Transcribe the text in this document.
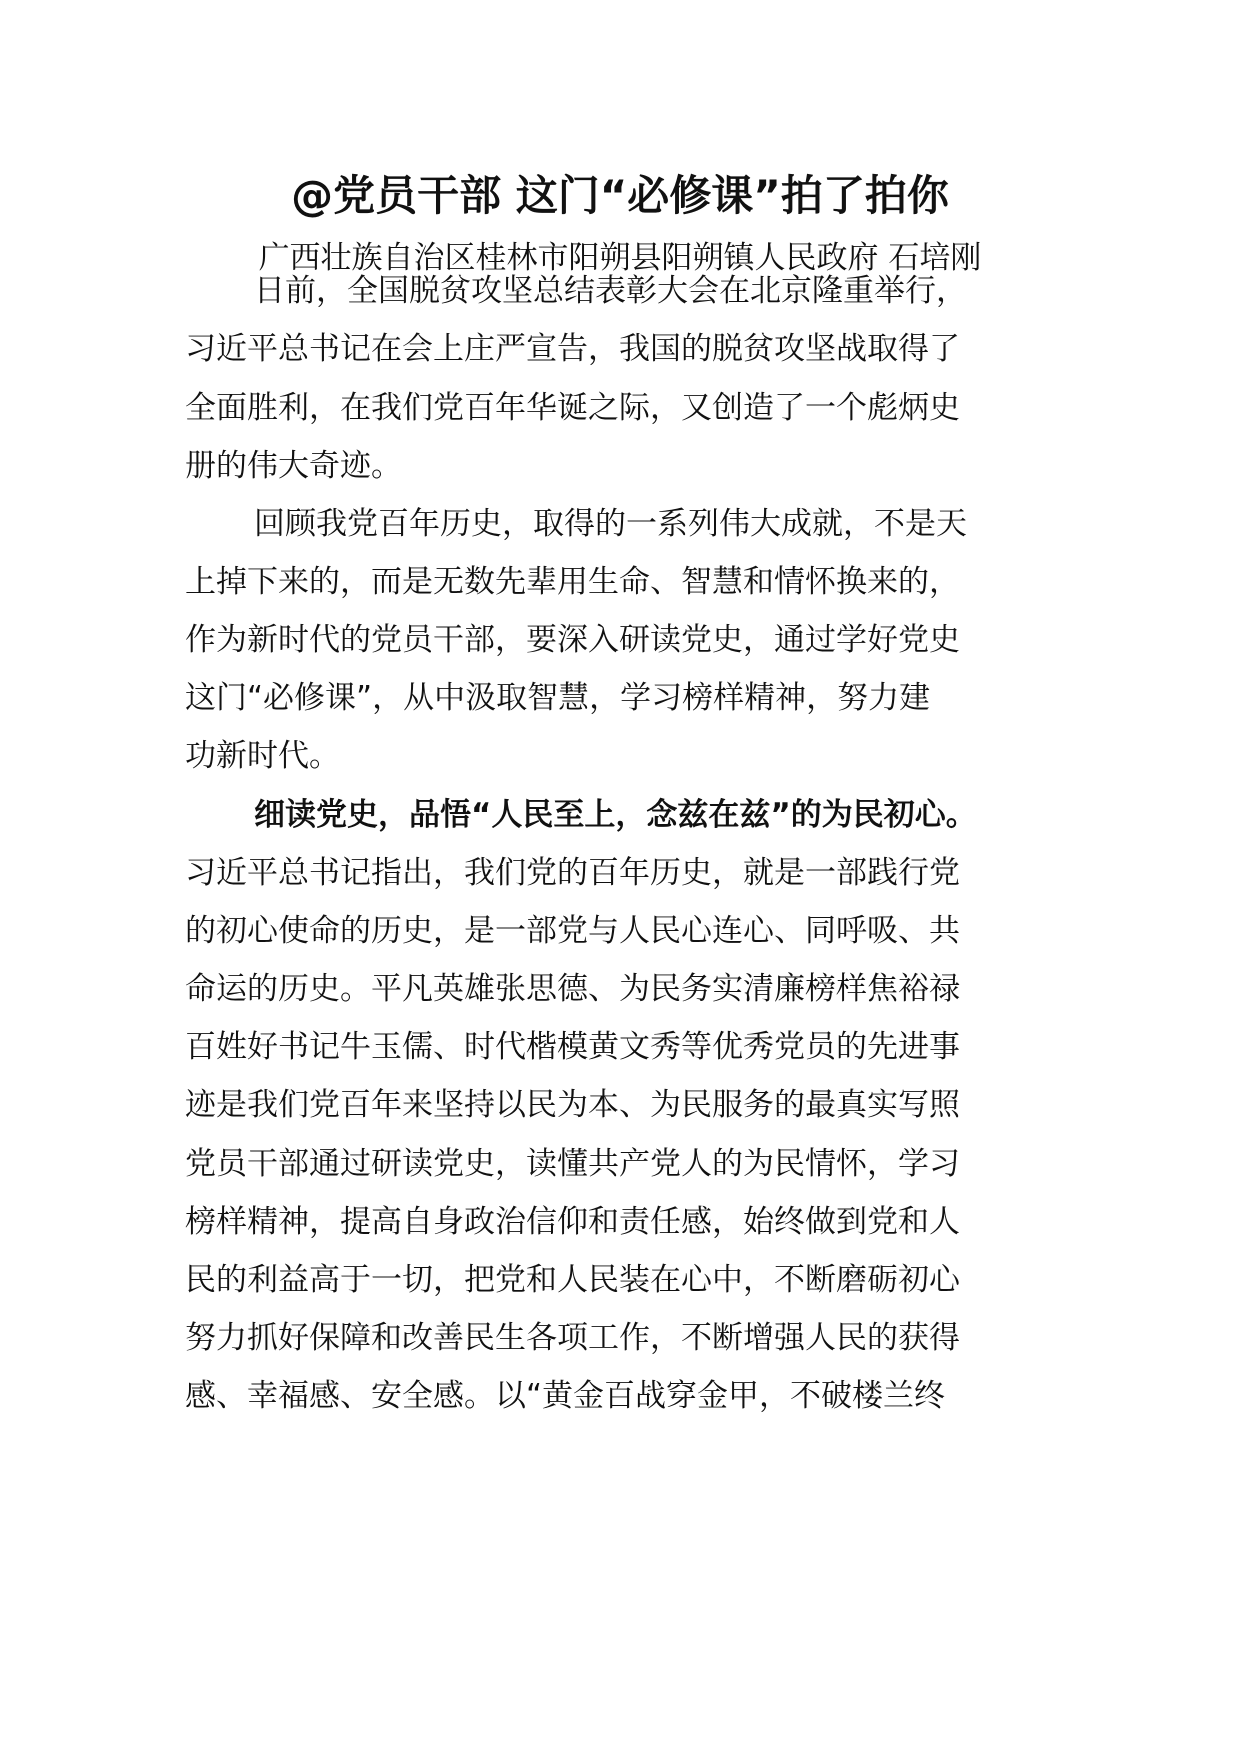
@党员干部 这门“必修课”拍了拍你
广西壮族自治区桂林市阳朔县阳朔镇人民政府 石培刚
日前，全国脱贫攻坚总结表彰大会在北京隆重举行，
习近平总书记在会上庄严宣告，我国的脱贫攻坚战取得了
全面胜利，在我们党百年华诞之际，又创造了一个彪炳史
册的伟大奇迹。
回顾我党百年历史，取得的一系列伟大成就，不是天
上掉下来的，而是无数先辈用生命、智慧和情怀换来的，
作为新时代的党员干部，要深入研读党史，通过学好党史
这门“必修课”，从中汲取智慧，学习榜样精神，努力建
功新时代。
细读党史，品悟“人民至上，念兹在兹”的为民初心。
习近平总书记指出，我们党的百年历史，就是一部践行党
的初心使命的历史，是一部党与人民心连心、同呼吸、共
命运的历史。平凡英雄张思德、为民务实清廉榜样焦裕禄
百姓好书记牛玉儒、时代楷模黄文秀等优秀党员的先进事
迹是我们党百年来坚持以民为本、为民服务的最真实写照
党员干部通过研读党史，读懂共产党人的为民情怀，学习
榜样精神，提高自身政治信仰和责任感，始终做到党和人
民的利益高于一切，把党和人民装在心中，不断磨砺初心
努力抓好保障和改善民生各项工作，不断增强人民的获得
感、幸福感、安全感。以“黄金百战穿金甲，不破楼兰终
